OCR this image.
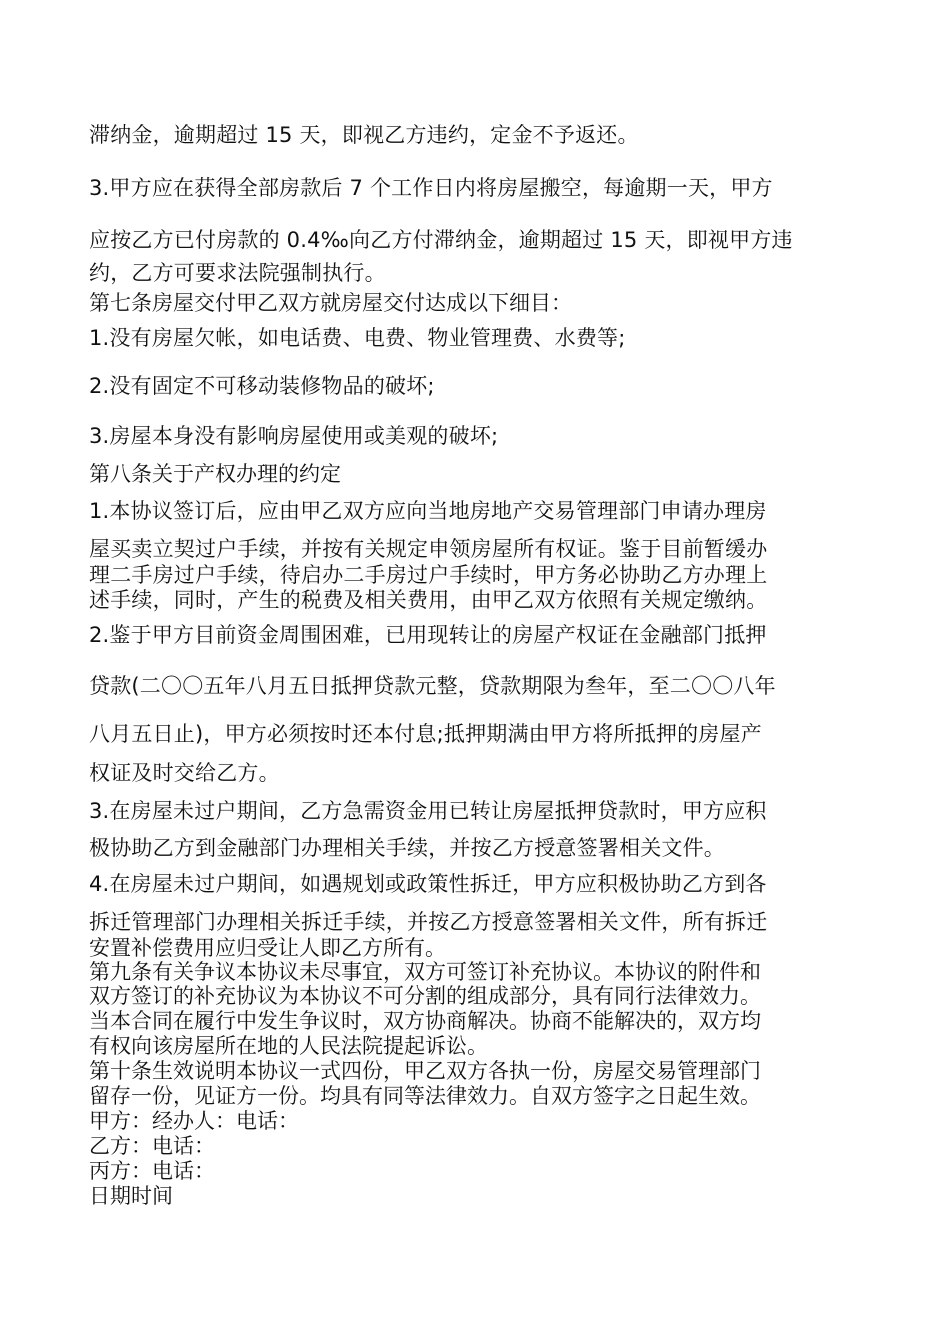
滞纳金，逾期超过 15 天，即视乙方违约，定金不予返还。
3.甲方应在获得全部房款后 7 个工作日内将房屋搬空，每逾期一天，甲方
应按乙方已付房款的 0.4‰向乙方付滞纳金，逾期超过 15 天，即视甲方违
约，乙方可要求法院强制执行。
第七条房屋交付甲乙双方就房屋交付达成以下细目：
1.没有房屋欠帐，如电话费、电费、物业管理费、水费等;
2.没有固定不可移动装修物品的破坏;
3.房屋本身没有影响房屋使用或美观的破坏;
第八条关于产权办理的约定
1.本协议签订后，应由甲乙双方应向当地房地产交易管理部门申请办理房
屋买卖立契过户手续，并按有关规定申领房屋所有权证。鉴于目前暂缓办
理二手房过户手续，待启办二手房过户手续时，甲方务必协助乙方办理上
述手续，同时，产生的税费及相关费用，由甲乙双方依照有关规定缴纳。
2.鉴于甲方目前资金周围困难，已用现转让的房屋产权证在金融部门抵押
贷款(二〇〇五年八月五日抵押贷款元整，贷款期限为叁年，至二〇〇八年
八月五日止)，甲方必须按时还本付息;抵押期满由甲方将所抵押的房屋产
权证及时交给乙方。
3.在房屋未过户期间，乙方急需资金用已转让房屋抵押贷款时，甲方应积
极协助乙方到金融部门办理相关手续，并按乙方授意签署相关文件。
4.在房屋未过户期间，如遇规划或政策性拆迁，甲方应积极协助乙方到各
拆迁管理部门办理相关拆迁手续，并按乙方授意签署相关文件，所有拆迁
安置补偿费用应归受让人即乙方所有。
第九条有关争议本协议未尽事宜，双方可签订补充协议。本协议的附件和
双方签订的补充协议为本协议不可分割的组成部分，具有同行法律效力。
当本合同在履行中发生争议时，双方协商解决。协商不能解决的，双方均
有权向该房屋所在地的人民法院提起诉讼。
第十条生效说明本协议一式四份，甲乙双方各执一份，房屋交易管理部门
留存一份，见证方一份。均具有同等法律效力。自双方签字之日起生效。
甲方：经办人：电话：
乙方：电话：
丙方：电话：
日期时间
